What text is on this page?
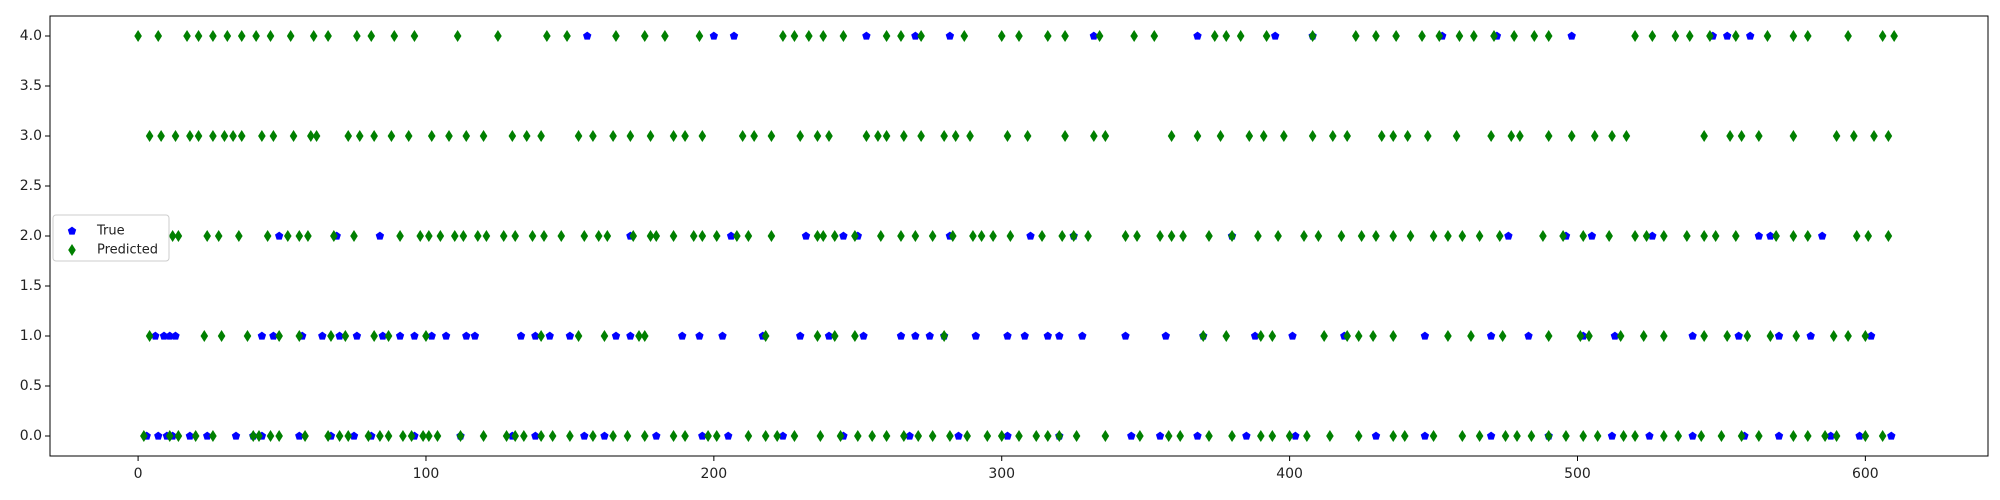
0	100	200	300	400	500	600
0.0
0.5
1.0
1.5
2.0
2.5
3.0
3.5
4.0
True
Predicted
